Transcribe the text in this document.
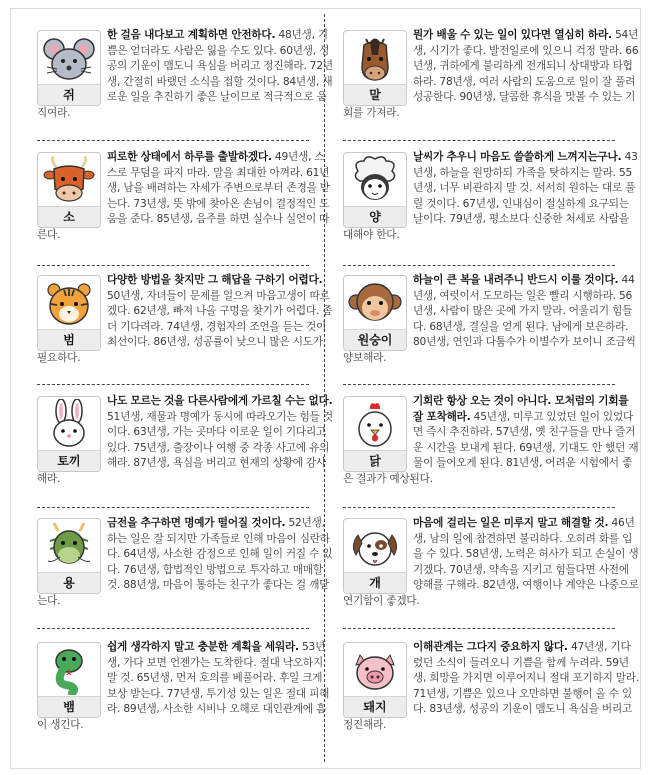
쥐

한 걸음 내다보고 계획하면 안전하다. 48년생, 기쁨은 얻더라도 사람은 잃을 수도 있다. 60년생, 성공의 기운이 맴도니 욕심을 버리고 정진해라. 72년생, 간절히 바랬던 소식을 접할 것이다. 84년생, 새로운 일을 추진하기 좋은 날이므로 적극적으로 움직여라.

말

뭔가 배울 수 있는 일이 있다면 열심히 하라. 54년생, 시기가 좋다. 발전일로에 있으니 걱정 말라. 66년생, 귀하에게 불리하게 전개되니 상대방과 타협하라. 78년생, 여러 사람의 도움으로 일이 잘 풀려 성공한다. 90년생, 달콤한 휴식을 맛볼 수 있는 기회를 가져라.

소

피로한 상태에서 하루를 출발하겠다. 49년생, 스스로 무덤을 파지 마라. 말을 최대한 아껴라. 61년생, 남을 배려하는 자세가 주변으로부터 존경을 받는다. 73년생, 뜻 밖에 찾아온 손님이 결정적인 도움을 준다. 85년생, 음주를 하면 실수나 실언이 따른다.

양

날씨가 추우니 마음도 쓸쓸하게 느껴지는구나. 43년생, 하늘을 원망하되 가족을 탓하지는 말라. 55년생, 너무 비관하지 말 것. 서서히 원하는 대로 풀릴 것이다. 67년생, 인내심이 절실하게 요구되는 날이다. 79년생, 평소보다 신중한 처세로 사람을 대해야 한다.

범

다양한 방법을 찾지만 그 해답을 구하기 어렵다. 50년생, 자녀들이 문제를 일으켜 마음고생이 따르겠다. 62년생, 빠져 나올 구멍을 찾기가 어렵다. 좀 더 기다려라. 74년생, 경험자의 조언을 듣는 것이 최선이다. 86년생, 성공률이 낮으니 많은 시도가 필요하다.

원숭이

하늘이 큰 복을 내려주니 반드시 이룰 것이다. 44년생, 여럿이서 도모하는 일은 빨리 시행하라. 56년생, 사람이 많은 곳에 가지 말라. 어울리기 힘들다. 68년생, 결실을 얻게 된다. 남에게 보은하라. 80년생, 연인과 다툼수가 이별수가 보이니 조금씩 양보해라.

토끼

나도 모르는 것을 다른사람에게 가르칠 수는 없다. 51년생, 재물과 명예가 동시에 따라오기는 힘들 것이다. 63년생, 가는 곳마다 이로운 일이 기다리고 있다. 75년생, 출장이나 여행 중 각종 사고에 유의해라. 87년생, 욕심을 버리고 현재의 상황에 감사해라.

닭

기회란 항상 오는 것이 아니다. 모처럼의 기회를 잘 포착해라. 45년생, 미루고 있었던 일이 있었다면 즉시 추진하라. 57년생, 옛 친구들을 만나 즐거운 시간을 보내게 된다. 69년생, 기대도 안 했던 재물이 들어오게 된다. 81년생, 어려운 시험에서 좋은 결과가 예상된다.

용

금전을 추구하면 명예가 떨어질 것이다. 52년생, 하는 일은 잘 되지만 가족들로 인해 마음이 심란하다. 64년생, 사소한 감정으로 인해 일이 커질 수 있다. 76년생, 합법적인 방법으로 투자하고 매매할 것. 88년생, 마음이 통하는 친구가 좋다는 걸 깨닫는다.

개

마음에 걸리는 일은 미루지 말고 해결할 것. 46년생, 남의 일에 참견하면 불리하다. 오히려 화를 입을 수 있다. 58년생, 노력은 허사가 되고 손실이 생기겠다. 70년생, 약속을 지키고 힘들다면 사전에 양해를 구해라. 82년생, 여행이나 계약은 나중으로 연기함이 좋겠다.

뱀

쉽게 생각하지 말고 충분한 계획을 세워라. 53년생, 가다 보면 언젠가는 도착한다. 절대 낙오하지 말 것. 65년생, 먼저 호의를 베풀어라. 후일 크게 보상 받는다. 77년생, 투기성 있는 일은 절대 피해라. 89년생, 사소한 시비나 오해로 대인관계에 흠이 생긴다.

돼지

이해관계는 그다지 중요하지 않다. 47년생, 기다렸던 소식이 들려오니 기쁨을 함께 누려라. 59년생, 희망을 가지면 이루어지니 절대 포기하지 말라. 71년생, 기쁨은 있으나 오만하면 불행이 올 수 있다. 83년생, 성공의 기운이 맴도니 욕심을 버리고 정진해라.
